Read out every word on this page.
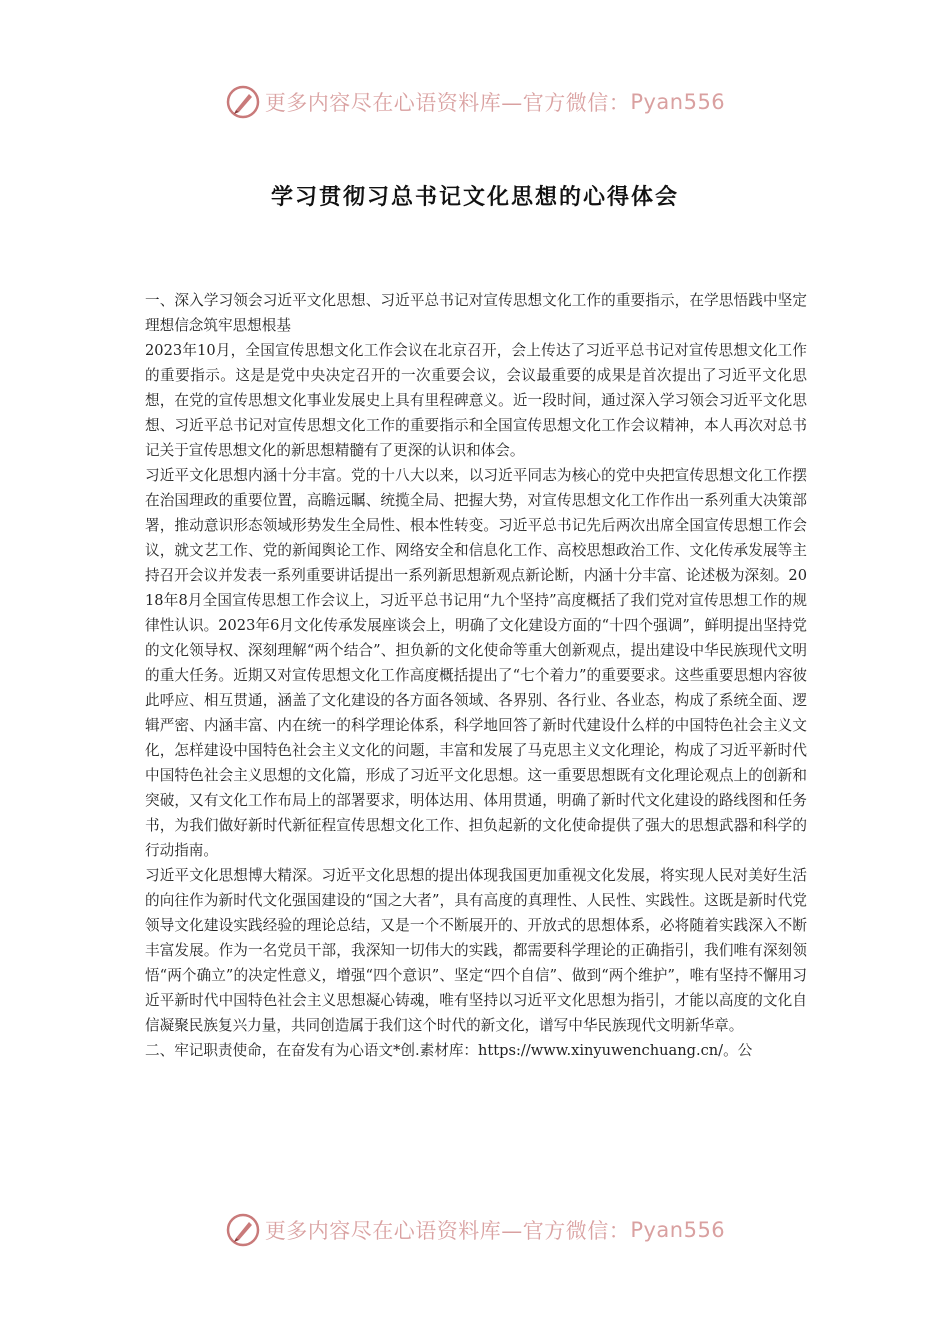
更多内容尽在心语资料库—官方微信： Pyan556
学习贯彻习总书记文化思想的心得体会

一、深入学习领会习近平文化思想、习近平总书记对宣传思想文化工作的重要指示，在学思悟践中坚定理想信念筑牢思想根基

2023年10月，全国宣传思想文化工作会议在北京召开，会上传达了习近平总书记对宣传思想文化工作的重要指示。这是是党中央决定召开的一次重要会议，会议最重要的成果是首次提出了习近平文化思想，在党的宣传思想文化事业发展史上具有里程碑意义。近一段时间，通过深入学习领会习近平文化思想、习近平总书记对宣传思想文化工作的重要指示和全国宣传思想文化工作会议精神，本人再次对总书记关于宣传思想文化的新思想精髓有了更深的认识和体会。

习近平文化思想内涵十分丰富。党的十八大以来，以习近平同志为核心的党中央把宣传思想文化工作摆在治国理政的重要位置，高瞻远瞩、统揽全局、把握大势，对宣传思想文化工作作出一系列重大决策部署，推动意识形态领域形势发生全局性、根本性转变。习近平总书记先后两次出席全国宣传思想工作会议，就文艺工作、党的新闻舆论工作、网络安全和信息化工作、高校思想政治工作、文化传承发展等主持召开会议并发表一系列重要讲话提出一系列新思想新观点新论断，内涵十分丰富、论述极为深刻。2018年8月全国宣传思想工作会议上，习近平总书记用“九个坚持”高度概括了我们党对宣传思想工作的规律性认识。2023年6月文化传承发展座谈会上，明确了文化建设方面的“十四个强调”，鲜明提出坚持党的文化领导权、深刻理解“两个结合”、担负新的文化使命等重大创新观点，提出建设中华民族现代文明的重大任务。近期又对宣传思想文化工作高度概括提出了“七个着力”的重要要求。这些重要思想内容彼此呼应、相互贯通，涵盖了文化建设的各方面各领域、各界别、各行业、各业态，构成了系统全面、逻辑严密、内涵丰富、内在统一的科学理论体系，科学地回答了新时代建设什么样的中国特色社会主义文化，怎样建设中国特色社会主义文化的问题，丰富和发展了马克思主义文化理论，构成了习近平新时代中国特色社会主义思想的文化篇，形成了习近平文化思想。这一重要思想既有文化理论观点上的创新和突破，又有文化工作布局上的部署要求，明体达用、体用贯通，明确了新时代文化建设的路线图和任务书，为我们做好新时代新征程宣传思想文化工作、担负起新的文化使命提供了强大的思想武器和科学的行动指南。

习近平文化思想博大精深。习近平文化思想的提出体现我国更加重视文化发展，将实现人民对美好生活的向往作为新时代文化强国建设的“国之大者”，具有高度的真理性、人民性、实践性。这既是新时代党领导文化建设实践经验的理论总结，又是一个不断展开的、开放式的思想体系，必将随着实践深入不断丰富发展。作为一名党员干部，我深知一切伟大的实践，都需要科学理论的正确指引，我们唯有深刻领悟“两个确立”的决定性意义，增强“四个意识”、坚定“四个自信”、做到“两个维护”，唯有坚持不懈用习近平新时代中国特色社会主义思想凝心铸魂，唯有坚持以习近平文化思想为指引，才能以高度的文化自信凝聚民族复兴力量，共同创造属于我们这个时代的新文化，谱写中华民族现代文明新华章。

二、牢记职责使命，在奋发有为心语文*创.素材库：https://www.xinyuwenchuang.cn/。公

更多内容尽在心语资料库—官方微信： Pyan556
